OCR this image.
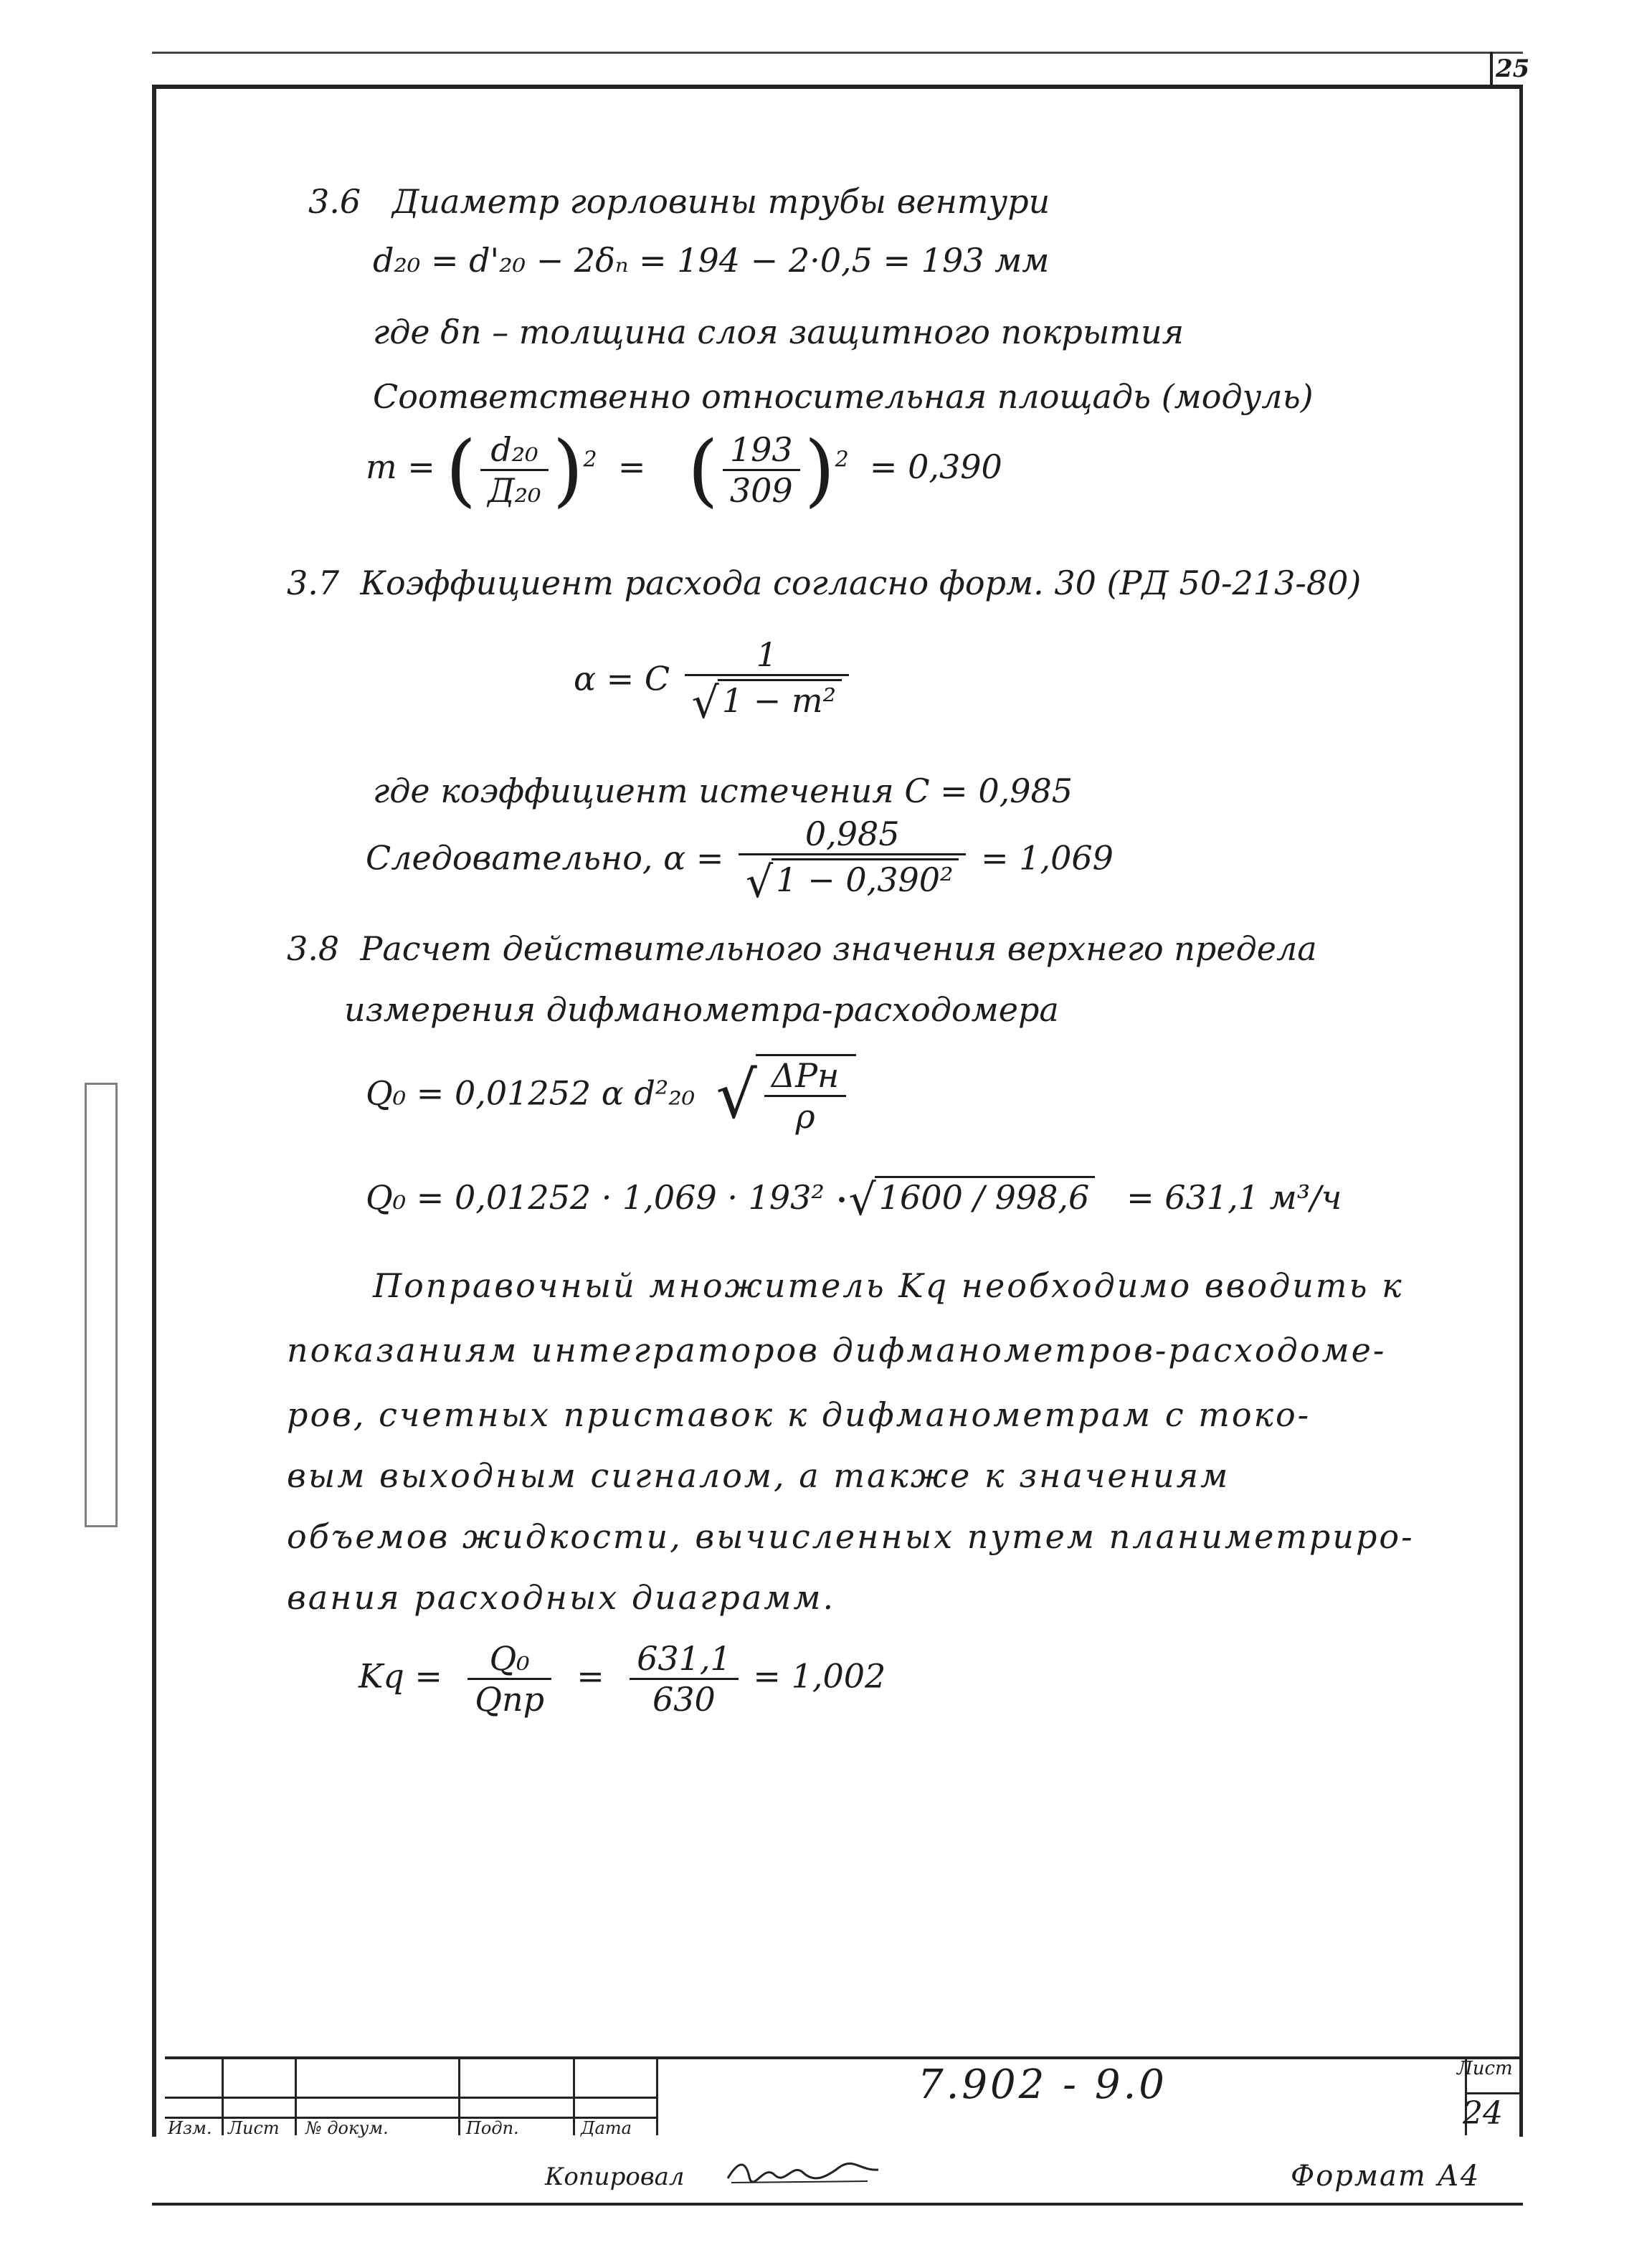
25
3.6 Диаметр горловины трубы вентури
d₂₀ = d'₂₀ − 2δₙ = 194 − 2·0,5 = 193 мм
где δп – толщина слоя защитного покрытия
Соответственно относительная площадь (модуль)
m = ( $\frac{\text{d₂₀}}{\text{Д₂₀}} )^2$  =    ( $\frac{193}{309} )^2 = 0,390$
3.7 Коэффициент расхода согласно форм. 30 (РД 50-213-80)
α = C $\frac{1}{\text{√1 − m²}}$
где коэффициент истечения C = 0,985
Следовательно, $\alpha = \frac{0,985}{\text{√1 − 0,390²}} = 1,069$
3.8 Расчет действительного значения верхнего предела
измерения дифманометра-расходомера
Q₀ = 0,01252 α d²₂₀ √ $\frac{\text{ΔPн}}{\rho}$
Q₀ = 0,01252 · 1,069 · 193² ·√1600 / 998,6 = 631,1 м³/ч
Поправочный множитель Kq необходимо вводить к
показаниям интеграторов дифманометров-расходоме-
ров, счетных приставок к дифманометрам с токо-
вым выходным сигналом, а также к значениям
объемов жидкости, вычисленных путем планиметриро-
вания расходных диаграмм.
$Kq = \frac{\text{Q₀}}{\text{Qпр}} = \frac{631,1}{630} = 1,002$
Изм. Лист № докум.	Подп.	Дата
7.902 - 9.0	Лист
24
Копировал	Формат А4
